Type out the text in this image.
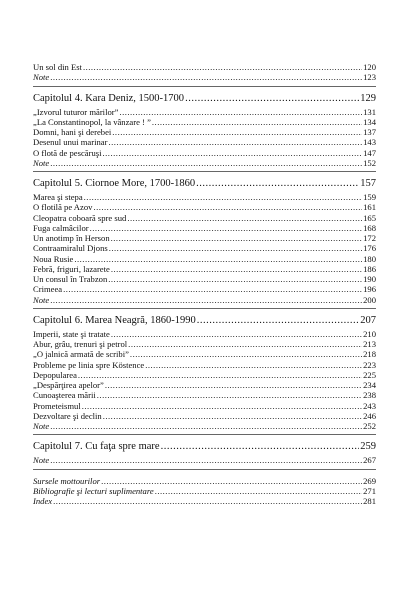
Un sol din Est .....	120
Note .....	123
Capitolul 4. Kara Deniz, 1500-1700 .....	129
„Izvorul tuturor mărilor” .....	131
„La Constantinopol, la vânzare ! ” .....	134
Domni, hani şi derebei .....	137
Desenul unui marinar .....	143
O flotă de pescăruşi .....	147
Note .....	152
Capitolul 5. Ciornoe More, 1700-1860 .....	157
Marea şi stepa .....	159
O flotilă pe Azov .....	161
Cleopatra coboară spre sud .....	165
Fuga calmâcilor .....	168
Un anotimp în Herson .....	172
Contraamiralul Djons .....	176
Noua Rusie .....	180
Febră, friguri, lazarete .....	186
Un consul în Trabzon .....	190
Crimeea .....	196
Note .....	200
Capitolul 6. Marea Neagră, 1860-1990 .....	207
Imperii, state şi tratate .....	210
Abur, grâu, trenuri şi petrol .....	213
„O jalnică armată de scribi” .....	218
Probleme pe linia spre Köstence .....	223
Depopularea .....	225
„Despărţirea apelor” .....	234
Cunoaşterea mării .....	238
Prometeismul .....	243
Dezvoltare şi declin .....	246
Note .....	252
Capitolul 7. Cu faţa spre mare .....	259
Note .....	267
Sursele mottourilor .....	269
Bibliografie şi lecturi suplimentare .....	271
Index .....	281
